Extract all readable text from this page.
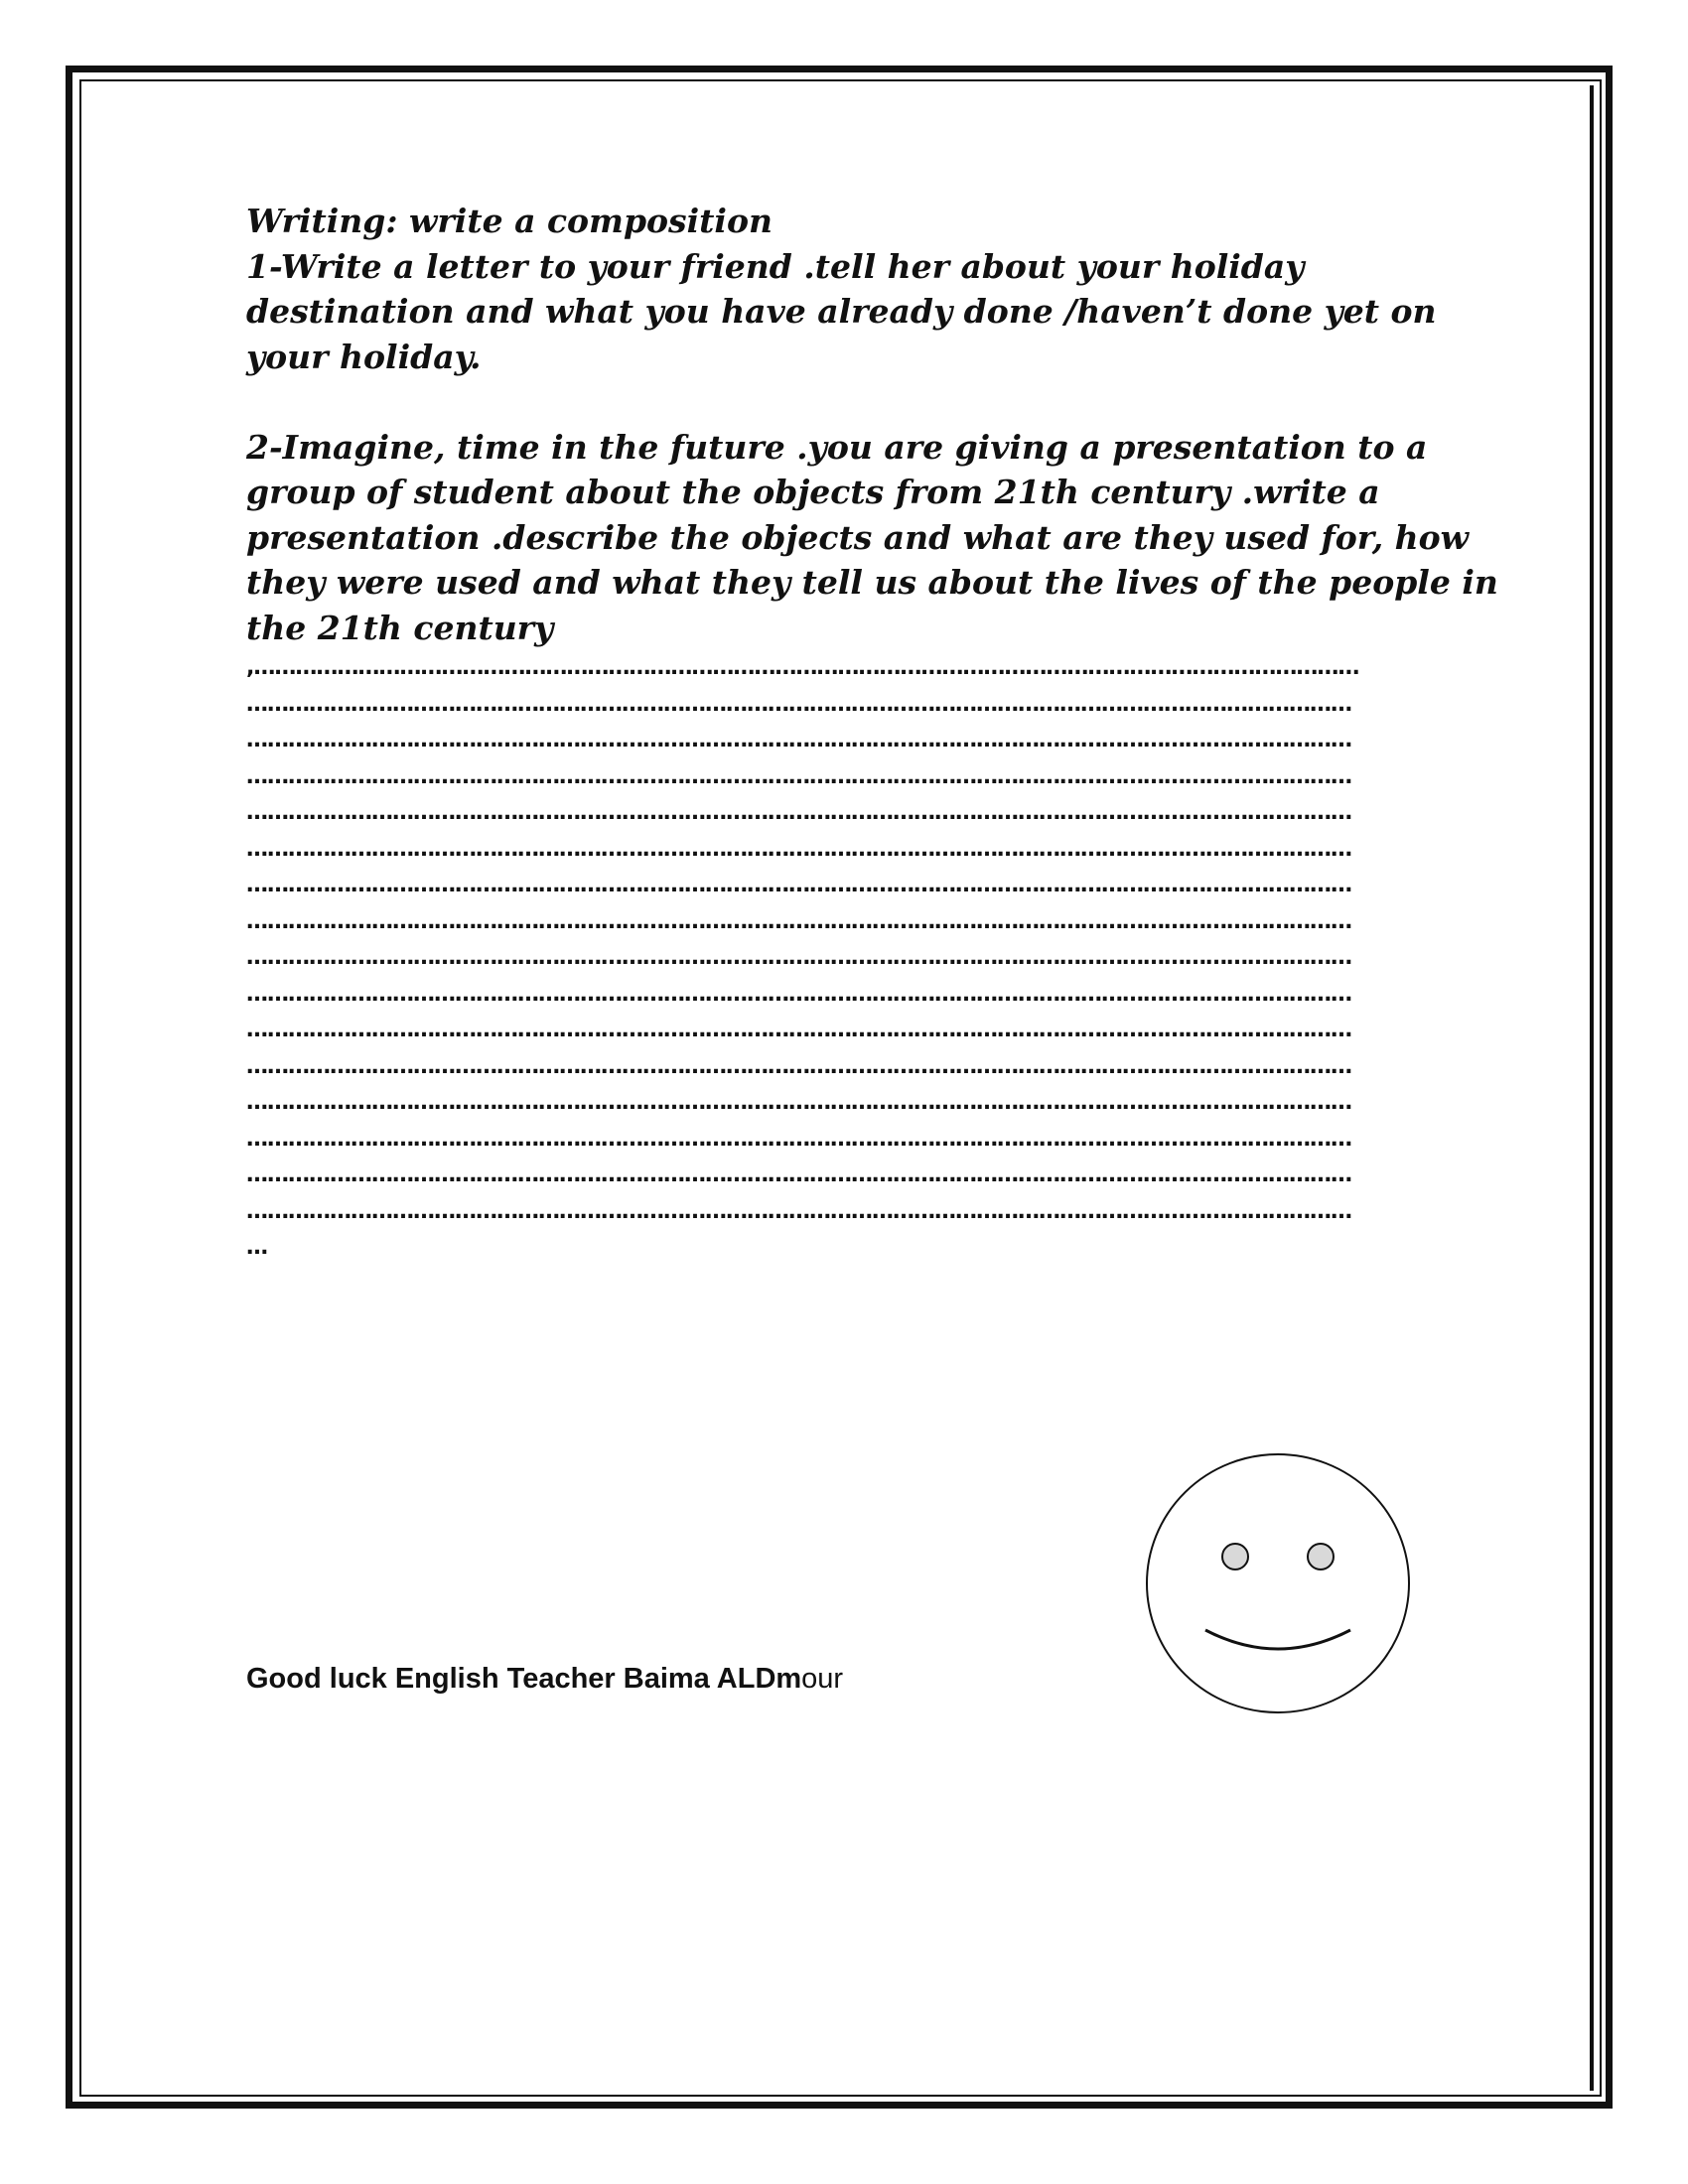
Writing: write a composition
1-Write a letter to your friend .tell her about your holiday
destination and what you have already done /haven’t done yet on
your holiday.
2-Imagine, time in the future .you are giving a presentation to a
group of student about the objects from 21th century .write a
presentation .describe the objects and what are they used for, how
they were used and what they tell us about the lives of the people in
the 21th century
,……………………………………………………………………………………………………………………………………………
……………………………………………………………………………………………………………………………………………
……………………………………………………………………………………………………………………………………………
……………………………………………………………………………………………………………………………………………
……………………………………………………………………………………………………………………………………………
……………………………………………………………………………………………………………………………………………
……………………………………………………………………………………………………………………………………………
……………………………………………………………………………………………………………………………………………
……………………………………………………………………………………………………………………………………………
……………………………………………………………………………………………………………………………………………
……………………………………………………………………………………………………………………………………………
……………………………………………………………………………………………………………………………………………
……………………………………………………………………………………………………………………………………………
……………………………………………………………………………………………………………………………………………
……………………………………………………………………………………………………………………………………………
……………………………………………………………………………………………………………………………………………
…
Good luck English Teacher Baima ALDmour
